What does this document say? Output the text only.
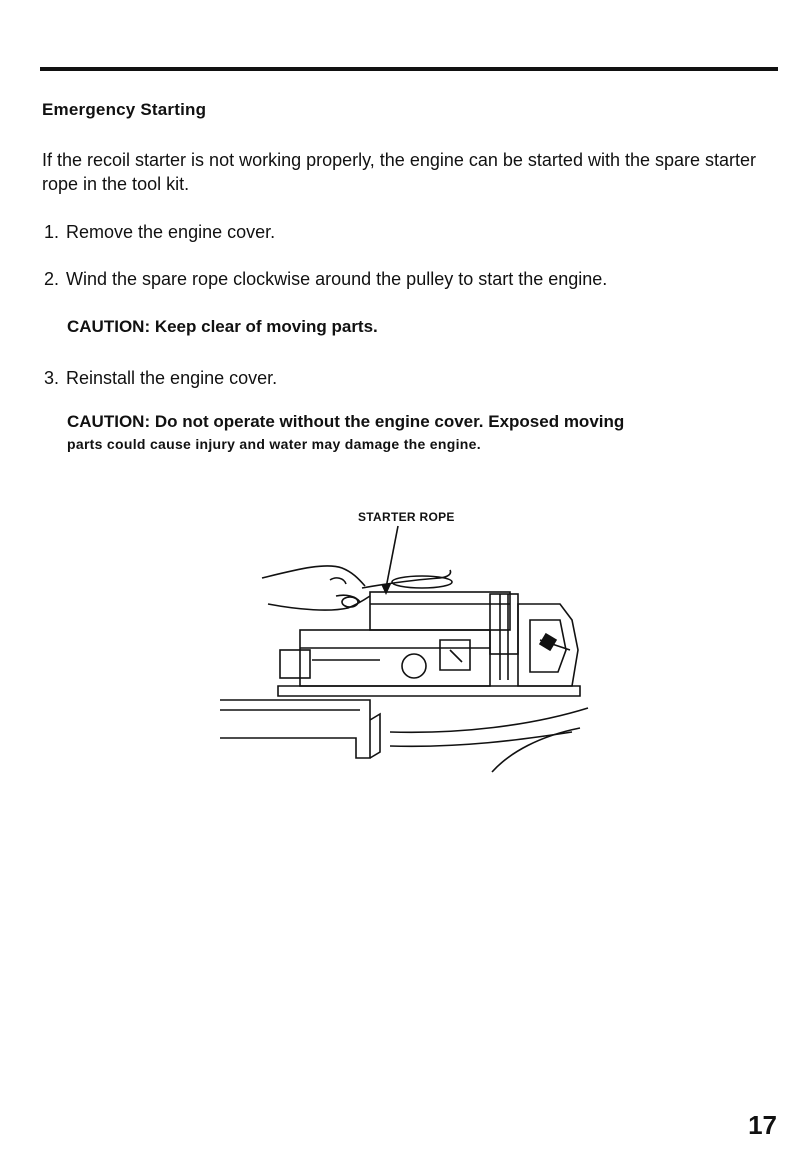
Emergency Starting

If the recoil starter is not working properly, the engine can be started with the spare starter rope in the tool kit.

1. Remove the engine cover.

2. Wind the spare rope clockwise around the pulley to start the engine.

CAUTION: Keep clear of moving parts.

3. Reinstall the engine cover.

CAUTION: Do not operate without the engine cover. Exposed moving
parts could cause injury and water may damage the engine.

STARTER ROPE
17
